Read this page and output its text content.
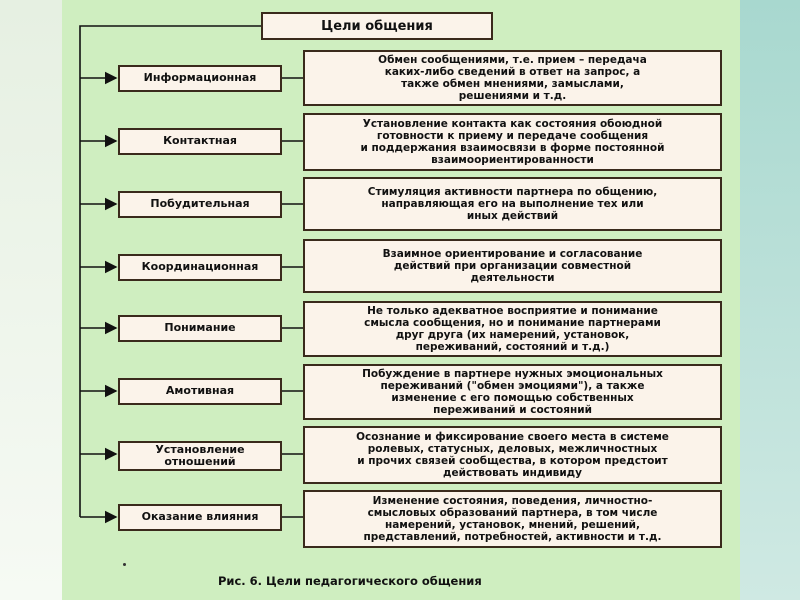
Цели общения
Информационная
Контактная
Побудительная
Координационная
Понимание
Амотивная
Установление отношений
Оказание влияния
Обмен сообщениями, т.е. прием – передача
каких-либо сведений в ответ на запрос, а
также обмен мнениями, замыслами,
решениями и т.д.
Установление контакта как состояния обоюдной
готовности к приему и передаче сообщения
и поддержания взаимосвязи в форме постоянной
взаимоориентированности
Стимуляция активности партнера по общению,
направляющая его на выполнение тех или
иных действий
Взаимное ориентирование и согласование
действий при организации совместной
деятельности
Не только адекватное восприятие и понимание
смысла сообщения, но и понимание партнерами
друг друга (их намерений, установок,
переживаний, состояний и т.д.)
Побуждение в партнере нужных эмоциональных
переживаний ("обмен эмоциями"), а также
изменение с его помощью собственных
переживаний и состояний
Осознание и фиксирование своего места в системе
ролевых, статусных, деловых, межличностных
и прочих связей сообщества, в котором предстоит
действовать индивиду
Изменение состояния, поведения, личностно-
смысловых образований партнера, в том числе
намерений, установок, мнений, решений,
представлений, потребностей, активности и т.д.
Рис. 6. Цели педагогического общения
